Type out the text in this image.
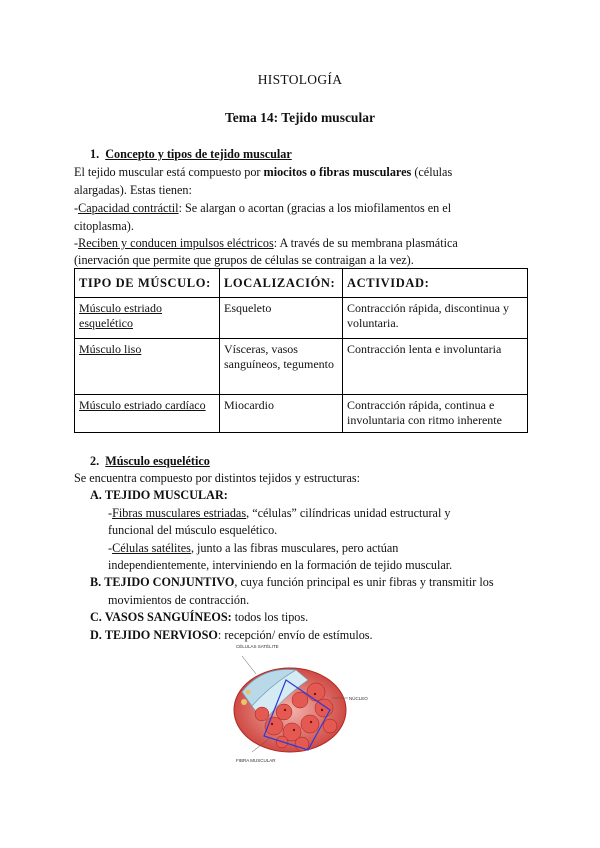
HISTOLOGÍA
Tema 14: Tejido muscular
1. Concepto y tipos de tejido muscular
El tejido muscular está compuesto por miocitos o fibras musculares (células
alargadas). Estas tienen:
-Capacidad contráctil: Se alargan o acortan (gracias a los miofilamentos en el
citoplasma).
-Reciben y conducen impulsos eléctricos: A través de su membrana plasmática
(inervación que permite que grupos de células se contraigan a la vez).
TIPO DE MÚSCULO:	LOCALIZACIÓN:	ACTIVIDAD:
Músculo estriado esquelético	Esqueleto	Contracción rápida, discontinua y voluntaria.
Músculo liso	Vísceras, vasos sanguíneos, tegumento	Contracción lenta e involuntaria
Músculo estriado cardíaco	Miocardio	Contracción rápida, continua e involuntaria con ritmo inherente
2. Músculo esquelético
Se encuentra compuesto por distintos tejidos y estructuras:
A. TEJIDO MUSCULAR:
-Fibras musculares estriadas, “células” cilíndricas unidad estructural y
funcional del músculo esquelético.
-Células satélites, junto a las fibras musculares, pero actúan
independientemente, interviniendo en la formación de tejido muscular.
B. TEJIDO CONJUNTIVO, cuya función principal es unir fibras y transmitir los
movimientos de contracción.
C. VASOS SANGUÍNEOS: todos los tipos.
D. TEJIDO NERVIOSO: recepción/ envío de estímulos.
CÉLULAS SATÉLITE
NÚCLEO
FIBRA MUSCULAR
